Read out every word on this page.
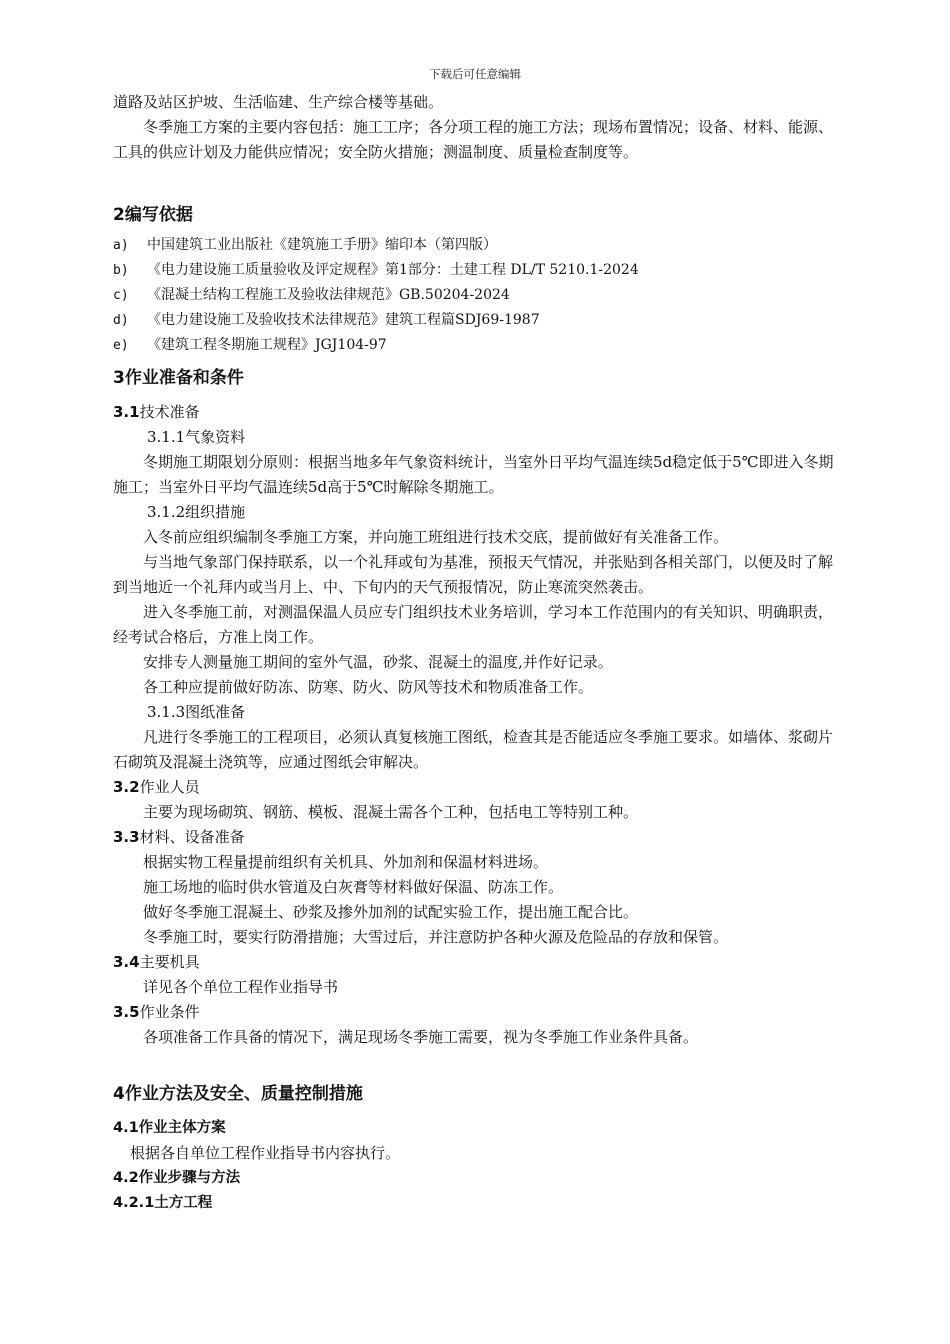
下载后可任意编辑

道路及站区护坡、生活临建、生产综合楼等基础。

冬季施工方案的主要内容包括：施工工序；各分项工程的施工方法；现场布置情况；设备、材料、能源、工具的供应计划及力能供应情况；安全防火措施；测温制度、质量检查制度等。

2编写依据

a)	中国建筑工业出版社《建筑施工手册》缩印本（第四版）
b)	《电力建设施工质量验收及评定规程》第1部分：土建工程 DL/T 5210.1-2024
c)	《混凝土结构工程施工及验收法律规范》GB.50204-2024
d)	《电力建设施工及验收技术法律规范》建筑工程篇SDJ69-1987
e)	《建筑工程冬期施工规程》JGJ104-97

3作业准备和条件

3.1技术准备

3.1.1气象资料

冬期施工期限划分原则：根据当地多年气象资料统计，当室外日平均气温连续5d稳定低于5℃即进入冬期施工；当室外日平均气温连续5d高于5℃时解除冬期施工。

3.1.2组织措施

入冬前应组织编制冬季施工方案，并向施工班组进行技术交底，提前做好有关准备工作。

与当地气象部门保持联系，以一个礼拜或旬为基准，预报天气情况，并张贴到各相关部门，以便及时了解到当地近一个礼拜内或当月上、中、下旬内的天气预报情况，防止寒流突然袭击。

进入冬季施工前，对测温保温人员应专门组织技术业务培训，学习本工作范围内的有关知识、明确职责，经考试合格后，方准上岗工作。

安排专人测量施工期间的室外气温，砂浆、混凝土的温度,并作好记录。

各工种应提前做好防冻、防寒、防火、防风等技术和物质准备工作。

3.1.3图纸准备

凡进行冬季施工的工程项目，必须认真复核施工图纸，检查其是否能适应冬季施工要求。如墙体、浆砌片石砌筑及混凝土浇筑等，应通过图纸会审解决。

3.2作业人员

主要为现场砌筑、钢筋、模板、混凝土需各个工种，包括电工等特别工种。

3.3材料、设备准备

根据实物工程量提前组织有关机具、外加剂和保温材料进场。

施工场地的临时供水管道及白灰膏等材料做好保温、防冻工作。

做好冬季施工混凝土、砂浆及掺外加剂的试配实验工作，提出施工配合比。

冬季施工时，要实行防滑措施；大雪过后，并注意防护各种火源及危险品的存放和保管。

3.4主要机具

详见各个单位工程作业指导书

3.5作业条件

各项准备工作具备的情况下，满足现场冬季施工需要，视为冬季施工作业条件具备。

4作业方法及安全、质量控制措施

4.1作业主体方案

根据各自单位工程作业指导书内容执行。

4.2作业步骤与方法

4.2.1土方工程
